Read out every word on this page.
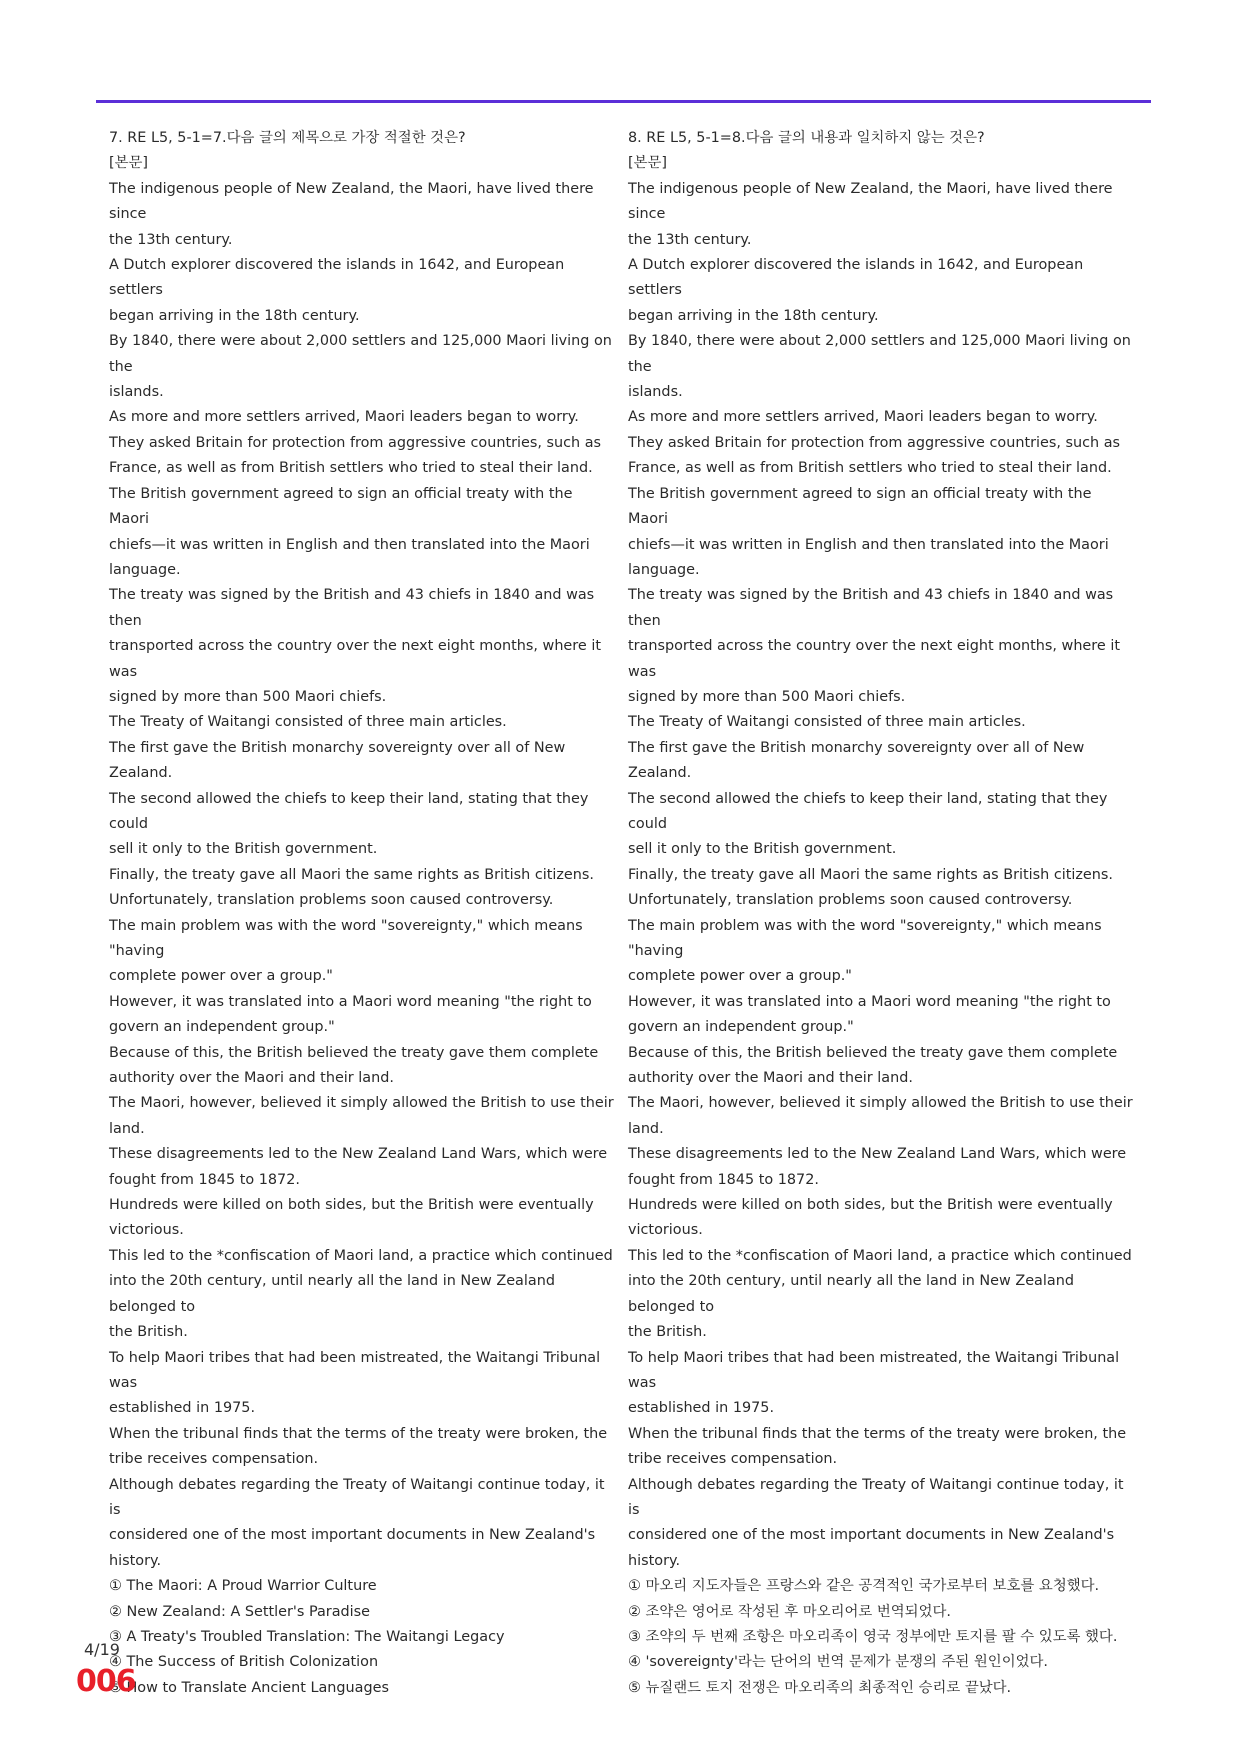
7. RE L5, 5-1=7.다음 글의 제목으로 가장 적절한 것은?

[본문]

The indigenous people of New Zealand, the Maori, have lived there since

the 13th century.

A Dutch explorer discovered the islands in 1642, and European settlers

began arriving in the 18th century.

By 1840, there were about 2,000 settlers and 125,000 Maori living on the

islands.

As more and more settlers arrived, Maori leaders began to worry.

They asked Britain for protection from aggressive countries, such as

France, as well as from British settlers who tried to steal their land.

The British government agreed to sign an official treaty with the Maori

chiefs—it was written in English and then translated into the Maori

language.

The treaty was signed by the British and 43 chiefs in 1840 and was then

transported across the country over the next eight months, where it was

signed by more than 500 Maori chiefs.

The Treaty of Waitangi consisted of three main articles.

The first gave the British monarchy sovereignty over all of New Zealand.

The second allowed the chiefs to keep their land, stating that they could

sell it only to the British government.

Finally, the treaty gave all Maori the same rights as British citizens.

Unfortunately, translation problems soon caused controversy.

The main problem was with the word "sovereignty," which means "having

complete power over a group."

However, it was translated into a Maori word meaning "the right to

govern an independent group."

Because of this, the British believed the treaty gave them complete

authority over the Maori and their land.

The Maori, however, believed it simply allowed the British to use their

land.

These disagreements led to the New Zealand Land Wars, which were

fought from 1845 to 1872.

Hundreds were killed on both sides, but the British were eventually

victorious.

This led to the *confiscation of Maori land, a practice which continued

into the 20th century, until nearly all the land in New Zealand belonged to

the British.

To help Maori tribes that had been mistreated, the Waitangi Tribunal was

established in 1975.

When the tribunal finds that the terms of the treaty were broken, the

tribe receives compensation.

Although debates regarding the Treaty of Waitangi continue today, it is

considered one of the most important documents in New Zealand's

history.

① The Maori: A Proud Warrior Culture

② New Zealand: A Settler's Paradise

③ A Treaty's Troubled Translation: The Waitangi Legacy

④ The Success of British Colonization

⑤ How to Translate Ancient Languages

8. RE L5, 5-1=8.다음 글의 내용과 일치하지 않는 것은?

[본문]

The indigenous people of New Zealand, the Maori, have lived there since

the 13th century.

A Dutch explorer discovered the islands in 1642, and European settlers

began arriving in the 18th century.

By 1840, there were about 2,000 settlers and 125,000 Maori living on the

islands.

As more and more settlers arrived, Maori leaders began to worry.

They asked Britain for protection from aggressive countries, such as

France, as well as from British settlers who tried to steal their land.

The British government agreed to sign an official treaty with the Maori

chiefs—it was written in English and then translated into the Maori

language.

The treaty was signed by the British and 43 chiefs in 1840 and was then

transported across the country over the next eight months, where it was

signed by more than 500 Maori chiefs.

The Treaty of Waitangi consisted of three main articles.

The first gave the British monarchy sovereignty over all of New Zealand.

The second allowed the chiefs to keep their land, stating that they could

sell it only to the British government.

Finally, the treaty gave all Maori the same rights as British citizens.

Unfortunately, translation problems soon caused controversy.

The main problem was with the word "sovereignty," which means "having

complete power over a group."

However, it was translated into a Maori word meaning "the right to

govern an independent group."

Because of this, the British believed the treaty gave them complete

authority over the Maori and their land.

The Maori, however, believed it simply allowed the British to use their

land.

These disagreements led to the New Zealand Land Wars, which were

fought from 1845 to 1872.

Hundreds were killed on both sides, but the British were eventually

victorious.

This led to the *confiscation of Maori land, a practice which continued

into the 20th century, until nearly all the land in New Zealand belonged to

the British.

To help Maori tribes that had been mistreated, the Waitangi Tribunal was

established in 1975.

When the tribunal finds that the terms of the treaty were broken, the

tribe receives compensation.

Although debates regarding the Treaty of Waitangi continue today, it is

considered one of the most important documents in New Zealand's

history.

① 마오리 지도자들은 프랑스와 같은 공격적인 국가로부터 보호를 요청했다.

② 조약은 영어로 작성된 후 마오리어로 번역되었다.

③ 조약의 두 번째 조항은 마오리족이 영국 정부에만 토지를 팔 수 있도록 했다.

④ 'sovereignty'라는 단어의 번역 문제가 분쟁의 주된 원인이었다.

⑤ 뉴질랜드 토지 전쟁은 마오리족의 최종적인 승리로 끝났다.

4/19
006
